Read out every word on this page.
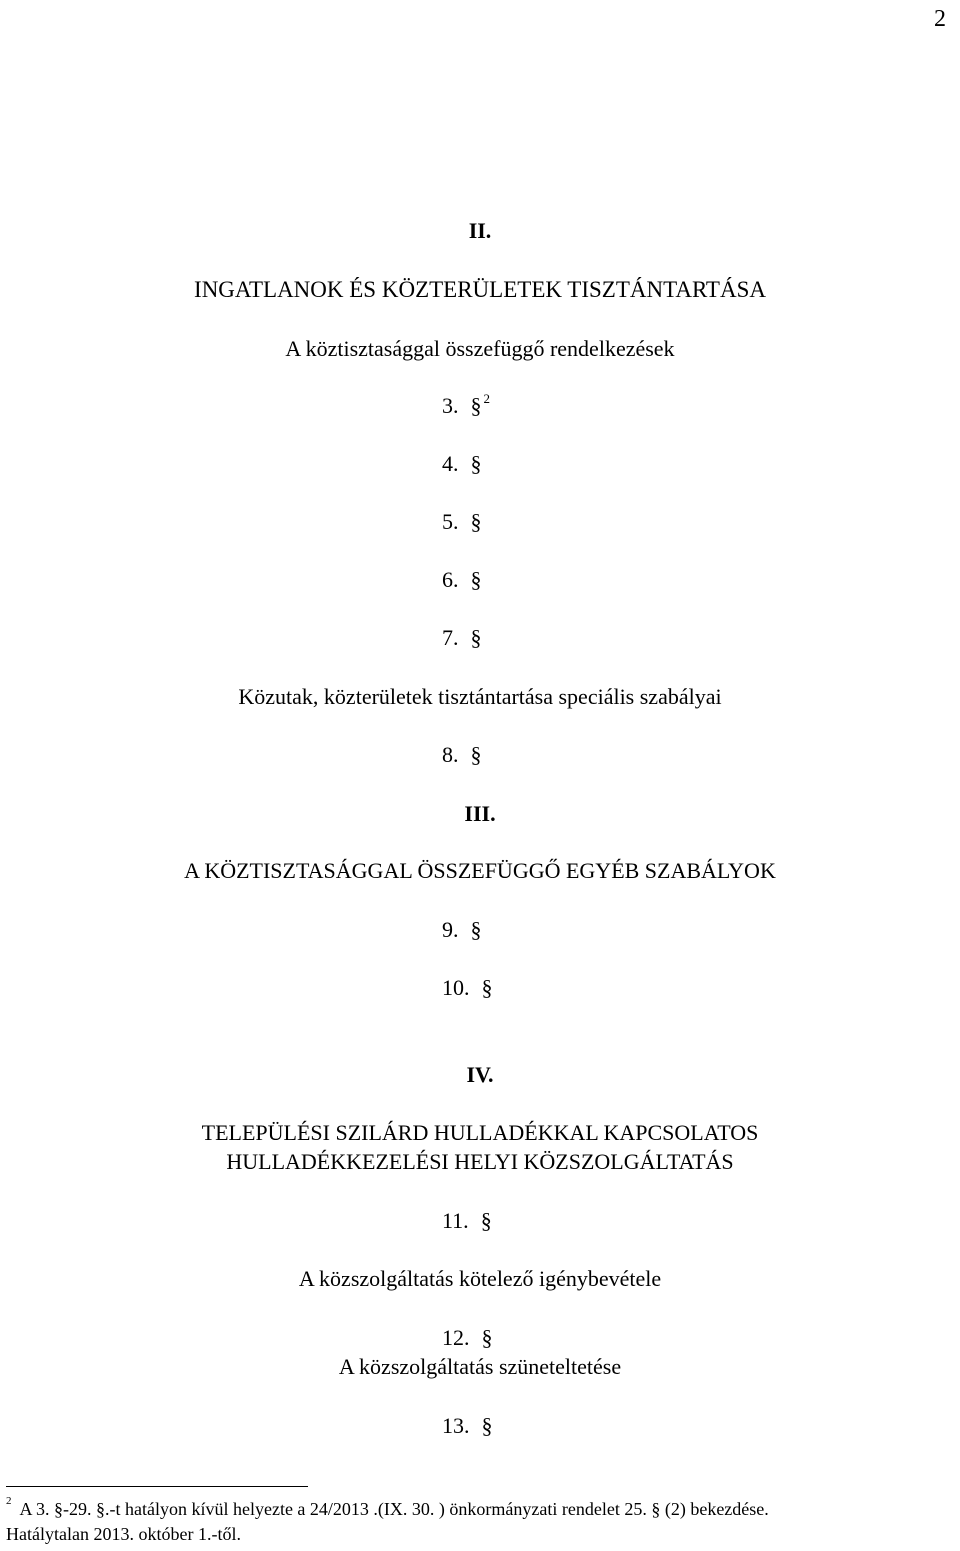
2
II.
INGATLANOK ÉS KÖZTERÜLETEK TISZTÁNTARTÁSA
A köztisztasággal összefüggő rendelkezések
3. § $^2$
4. §
5. §
6. §
7. §
Közutak, közterületek tisztántartása speciális szabályai
8. §
III.
A KÖZTISZTASÁGGAL ÖSSZEFÜGGŐ EGYÉB SZABÁLYOK
9. §
10. §
IV.
TELEPÜLÉSI SZILÁRD HULLADÉKKAL KAPCSOLATOS
HULLADÉKKEZELÉSI HELYI KÖZSZOLGÁLTATÁS
11. §
A közszolgáltatás kötelező igénybevétele
12. §
A közszolgáltatás szüneteltetése
13. §
$^2$ A 3. §-29. §.-t hatályon kívül helyezte a 24/2013 .(IX. 30. ) önkormányzati rendelet 25. § (2) bekezdése.
Hatálytalan 2013. október 1.-től.
